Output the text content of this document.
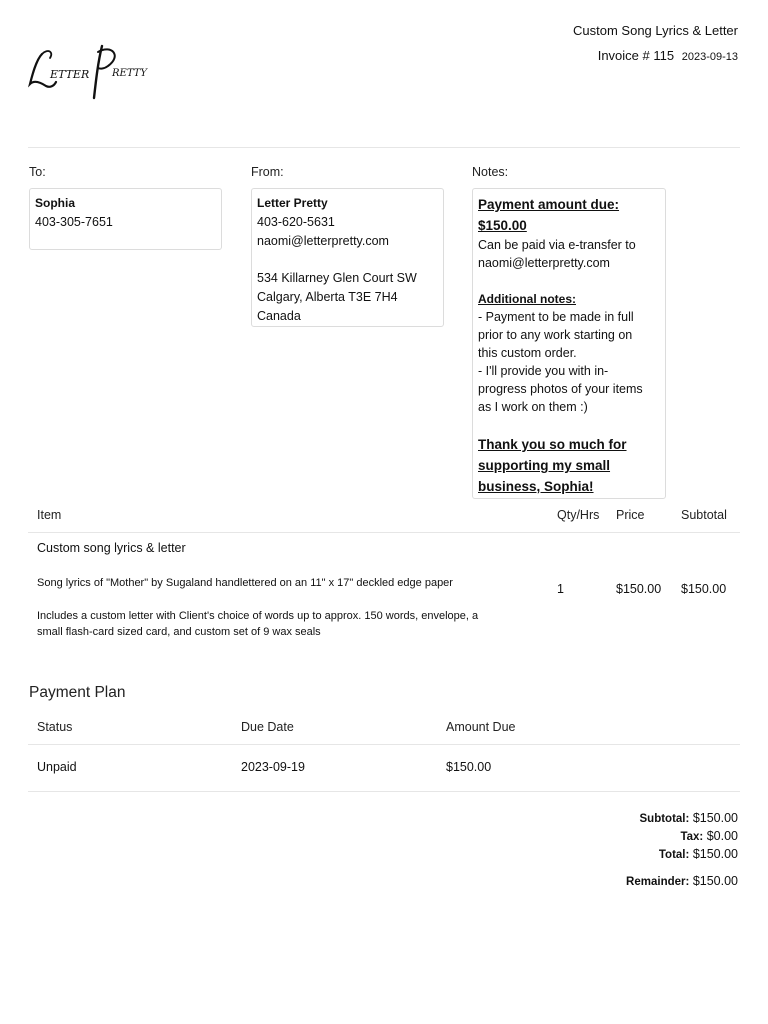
ETTER RETTY
Custom Song Lyrics & Letter
Invoice # 115 2023-09-13
To:	From:	Notes:
Sophia
403-305-7651
Letter Pretty
403-620-5631
naomi@letterpretty.com
534 Killarney Glen Court SW
Calgary, Alberta T3E 7H4
Canada
Payment amount due:
$150.00
Can be paid via e-transfer to
naomi@letterpretty.com
Additional notes:
- Payment to be made in full
prior to any work starting on
this custom order.
- I'll provide you with in-
progress photos of your items
as I work on them :)
Thank you so much for
supporting my small
business, Sophia!
Item	Qty/Hrs Price	Subtotal
Custom song lyrics & letter
Song lyrics of "Mother" by Sugaland handlettered on an 11" x 17" deckled edge paper
Includes a custom letter with Client's choice of words up to approx. 150 words, envelope, a
small flash-card sized card, and custom set of 9 wax seals
1	$150.00 $150.00
Payment Plan
Status	Due Date	Amount Due
Unpaid	2023-09-19	$150.00
Subtotal: $150.00
Tax: $0.00
Total: $150.00
Remainder: $150.00
